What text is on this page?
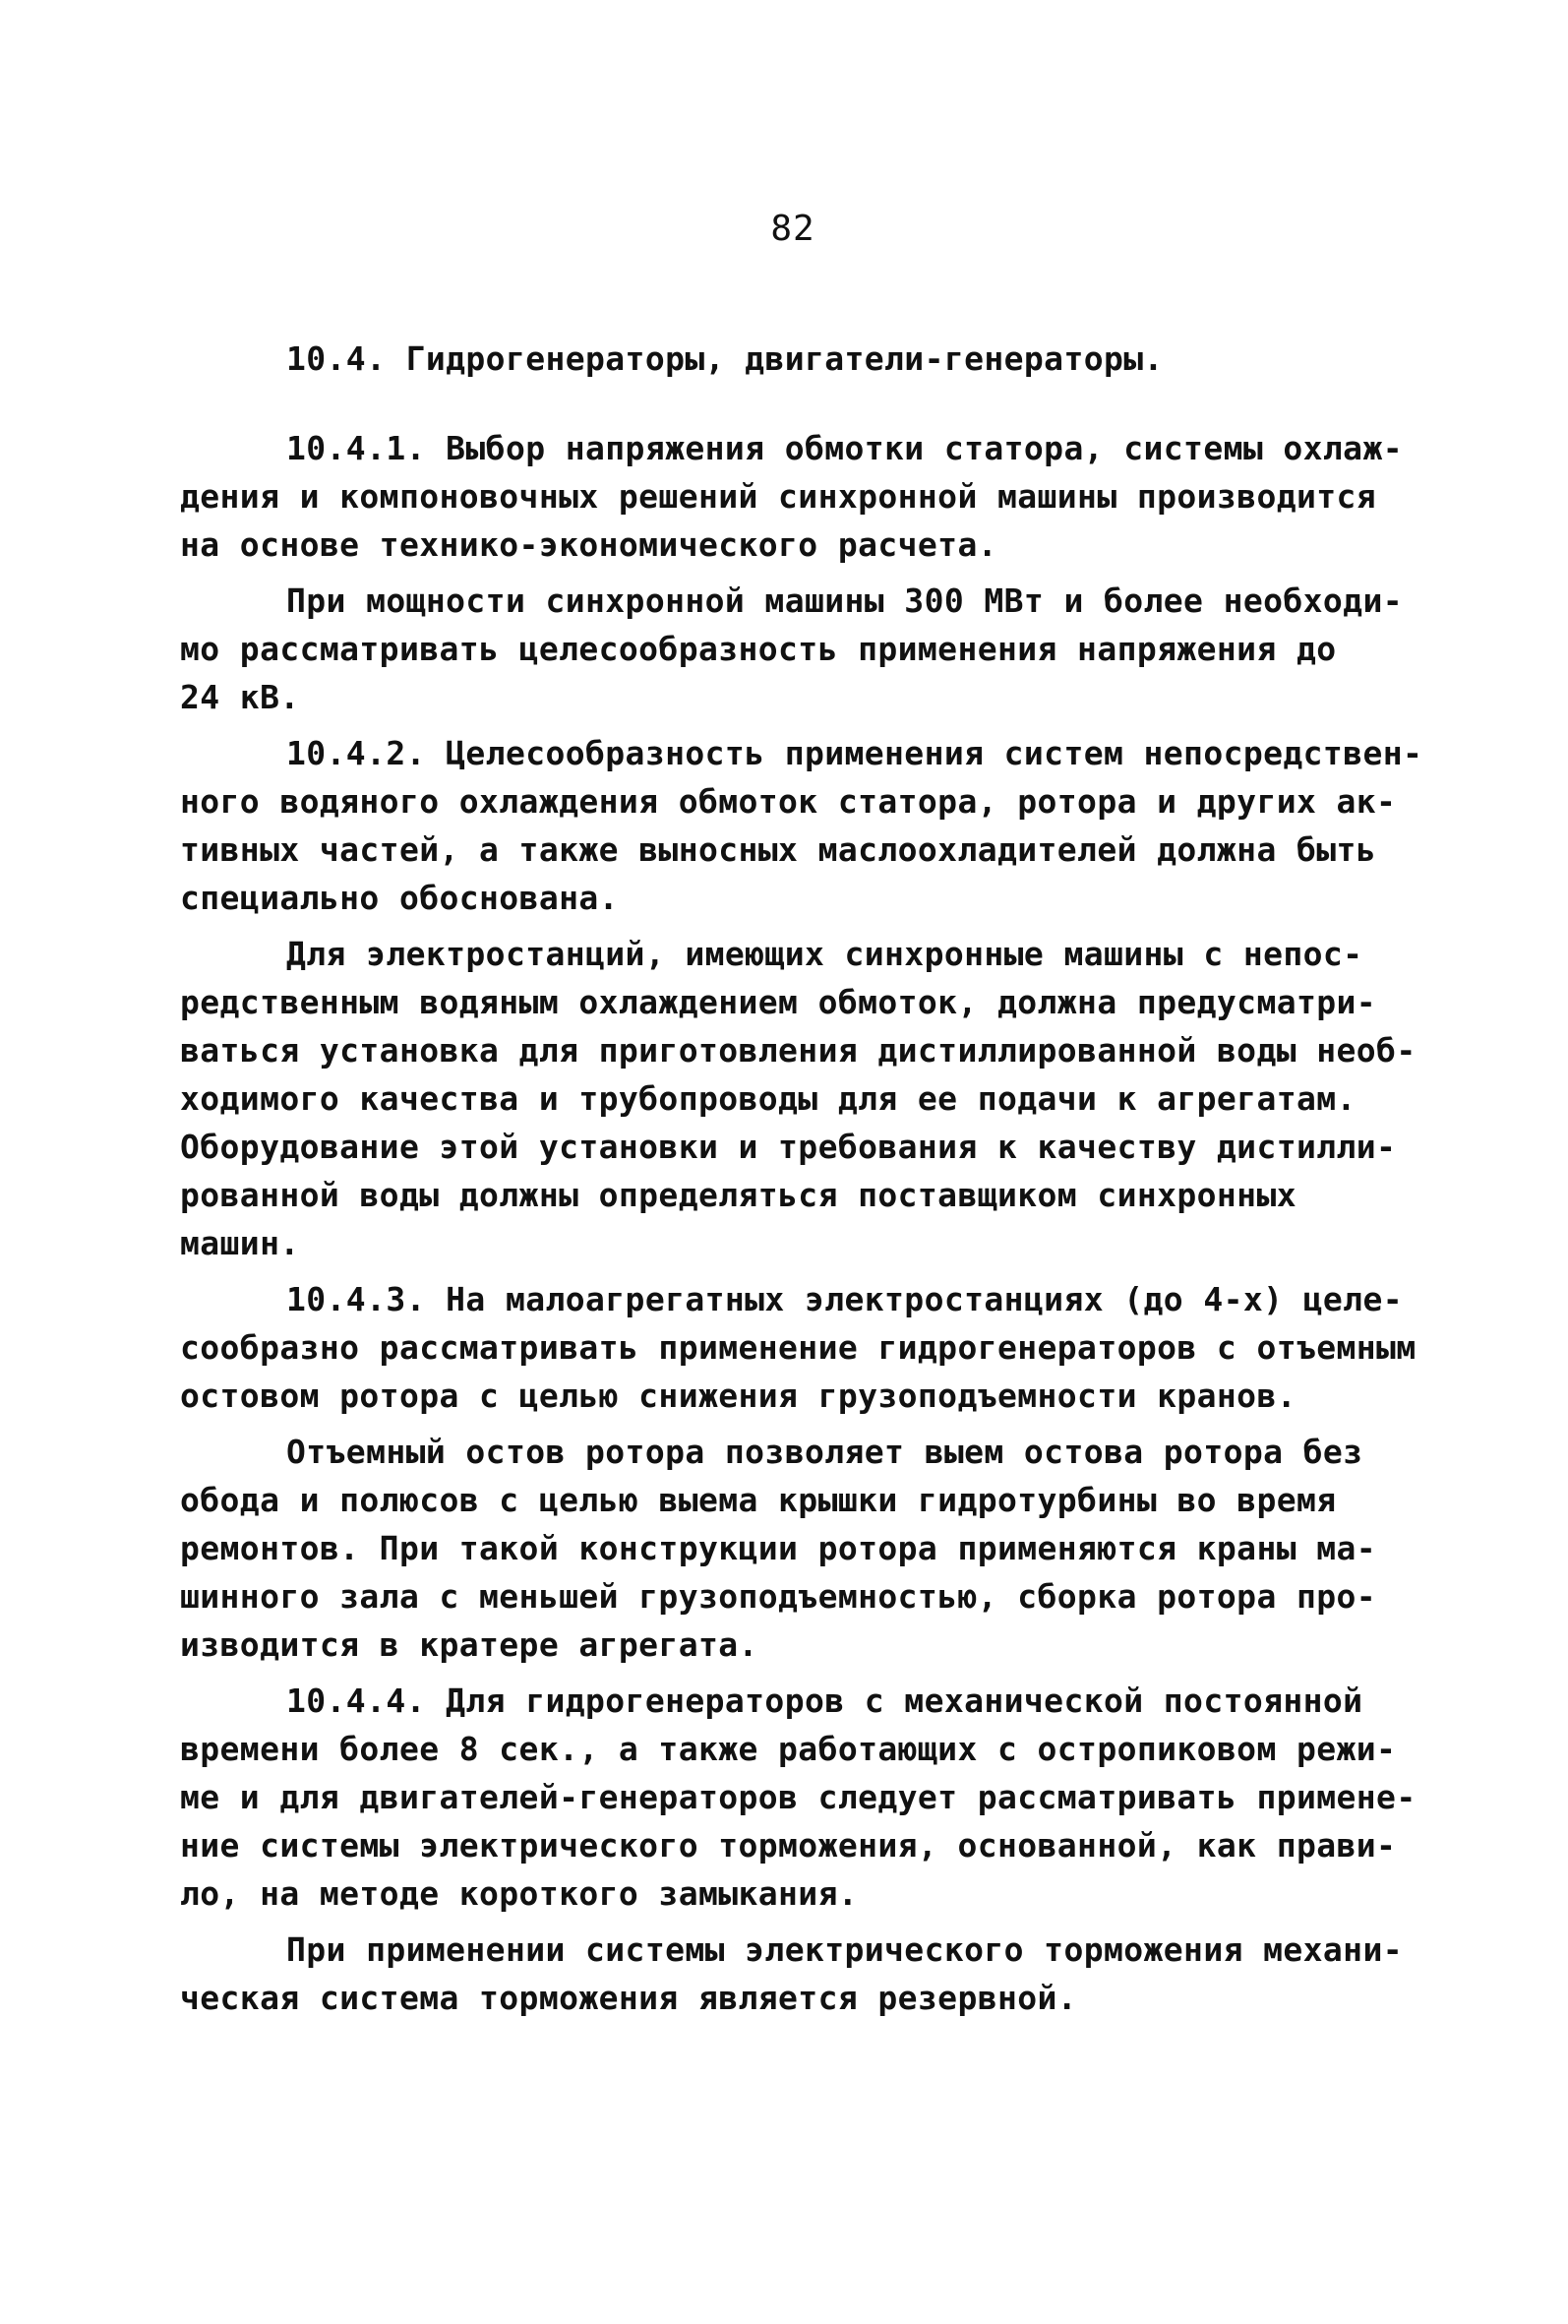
82
10.4. Гидрогенераторы, двигатели-генераторы.
10.4.1. Выбор напряжения обмотки статора, системы охлаж-
дения и компоновочных решений синхронной машины производится
на основе технико-экономического расчета.
При мощности синхронной машины 300 МВт и более необходи-
мо рассматривать целесообразность применения напряжения до
24 кВ.
10.4.2. Целесообразность применения систем непосредствен-
ного водяного охлаждения обмоток статора, ротора и других ак-
тивных частей, а также выносных маслоохладителей должна быть
специально обоснована.
Для электростанций, имеющих синхронные машины с непос-
редственным водяным охлаждением обмоток, должна предусматри-
ваться установка для приготовления дистиллированной воды необ-
ходимого качества и трубопроводы для ее подачи к агрегатам.
Оборудование этой установки и требования к качеству дистилли-
рованной воды должны определяться поставщиком синхронных
машин.
10.4.3. На малоагрегатных электростанциях (до 4-х) целе-
сообразно рассматривать применение гидрогенераторов с отъемным
остовом ротора с целью снижения грузоподъемности кранов.
Отъемный остов ротора позволяет выем остова ротора без
обода и полюсов с целью выема крышки гидротурбины во время
ремонтов. При такой конструкции ротора применяются краны ма-
шинного зала с меньшей грузоподъемностью, сборка ротора про-
изводится в кратере агрегата.
10.4.4. Для гидрогенераторов с механической постоянной
времени более 8 сек., а также работающих с остропиковом режи-
ме и для двигателей-генераторов следует рассматривать примене-
ние системы электрического торможения, основанной, как прави-
ло, на методе короткого замыкания.
При применении системы электрического торможения механи-
ческая система торможения является резервной.
